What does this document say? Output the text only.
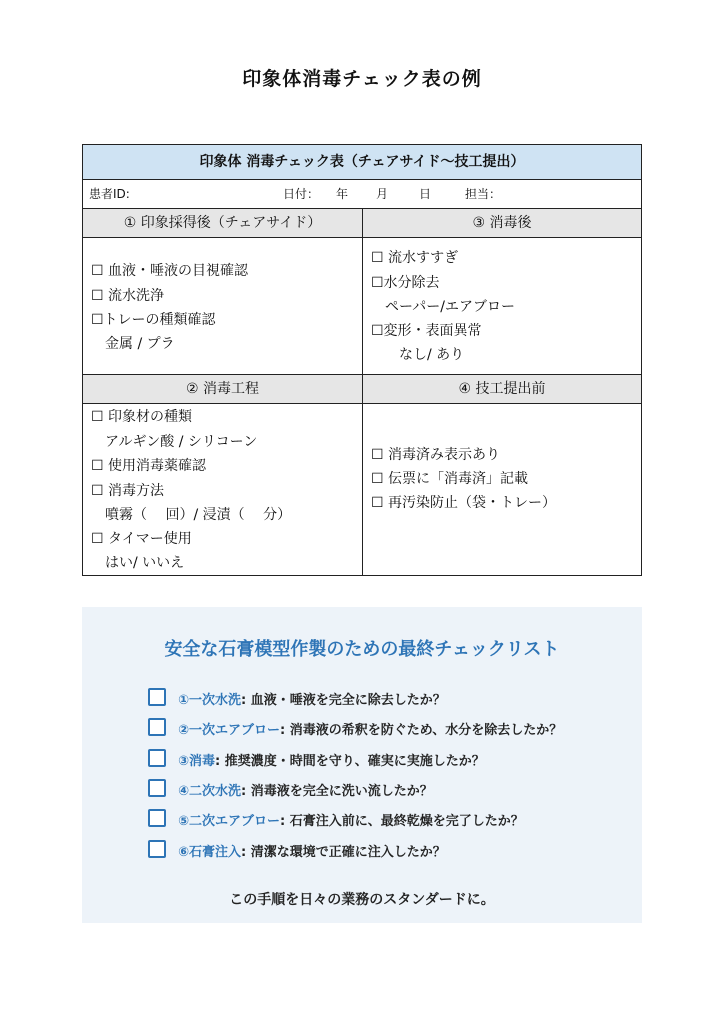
印象体消毒チェック表の例
印象体 消毒チェック表（チェアサイド〜技工提出）
患者ID:	日付： 年 月	日	担当：
① 印象採得後（チェアサイド）
☐ 血液・唾液の目視確認
☐ 流水洗浄
☐トレーの種類確認
　金属 / プラ
③ 消毒後
☐ 流水すすぎ
☐水分除去
　ペーパー/エアブロー
☐変形・表面異常
　　なし/ あり
② 消毒工程
☐ 印象材の種類
　アルギン酸 / シリコーン
☐ 使用消毒薬確認
☐ 消毒方法
　噴霧（　 回）/ 浸漬（　 分）
☐ タイマー使用
　はい/ いいえ
④ 技工提出前
☐ 消毒済み表示あり
☐ 伝票に「消毒済」記載
☐ 再汚染防止（袋・トレー）
安全な石膏模型作製のための最終チェックリスト
①一次水洗: 血液・唾液を完全に除去したか？
②一次エアブロー: 消毒液の希釈を防ぐため、水分を除去したか？
③消毒: 推奨濃度・時間を守り、確実に実施したか？
④二次水洗: 消毒液を完全に洗い流したか？
⑤二次エアブロー: 石膏注入前に、最終乾燥を完了したか？
⑥石膏注入: 清潔な環境で正確に注入したか？
この手順を日々の業務のスタンダードに。
